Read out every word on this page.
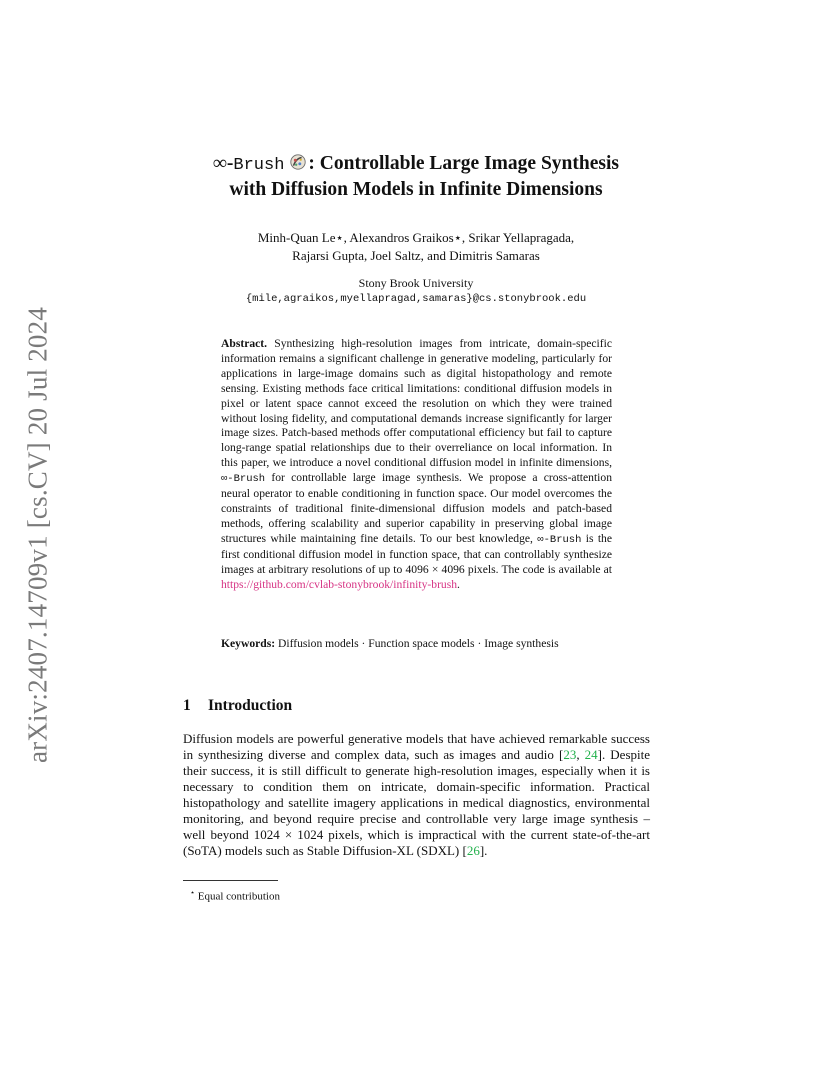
arXiv:2407.14709v1 [cs.CV] 20 Jul 2024
∞-Brush : Controllable Large Image Synthesis
with Diffusion Models in Infinite Dimensions
Minh-Quan Le⋆, Alexandros Graikos⋆, Srikar Yellapragada,
Rajarsi Gupta, Joel Saltz, and Dimitris Samaras
Stony Brook University
{mile,agraikos,myellapragad,samaras}@cs.stonybrook.edu
Abstract. Synthesizing high-resolution images from intricate, domain-specific information remains a significant challenge in generative modeling, particularly for applications in large-image domains such as digital histopathology and remote sensing. Existing methods face critical limitations: conditional diffusion models in pixel or latent space cannot exceed the resolution on which they were trained without losing fidelity, and computational demands increase significantly for larger image sizes. Patch-based methods offer computational efficiency but fail to capture long-range spatial relationships due to their overreliance on local information. In this paper, we introduce a novel conditional diffusion model in infinite dimensions, ∞-Brush for controllable large image synthesis. We propose a cross-attention neural operator to enable conditioning in function space. Our model overcomes the constraints of traditional finite-dimensional diffusion models and patch-based methods, offering scalability and superior capability in preserving global image structures while maintaining fine details. To our best knowledge, ∞-Brush is the first conditional diffusion model in function space, that can controllably synthesize images at arbitrary resolutions of up to 4096 × 4096 pixels. The code is available at https://github.com/cvlab-stonybrook/infinity-brush.
Keywords: Diffusion models · Function space models · Image synthesis
1 Introduction
Diffusion models are powerful generative models that have achieved remarkable success in synthesizing diverse and complex data, such as images and audio [23, 24]. Despite their success, it is still difficult to generate high-resolution images, especially when it is necessary to condition them on intricate, domain-specific information. Practical histopathology and satellite imagery applications in medical diagnostics, environmental monitoring, and beyond require precise and controllable very large image synthesis – well beyond 1024 × 1024 pixels, which is impractical with the current state-of-the-art (SoTA) models such as Stable Diffusion-XL (SDXL) [26].
⋆ Equal contribution
